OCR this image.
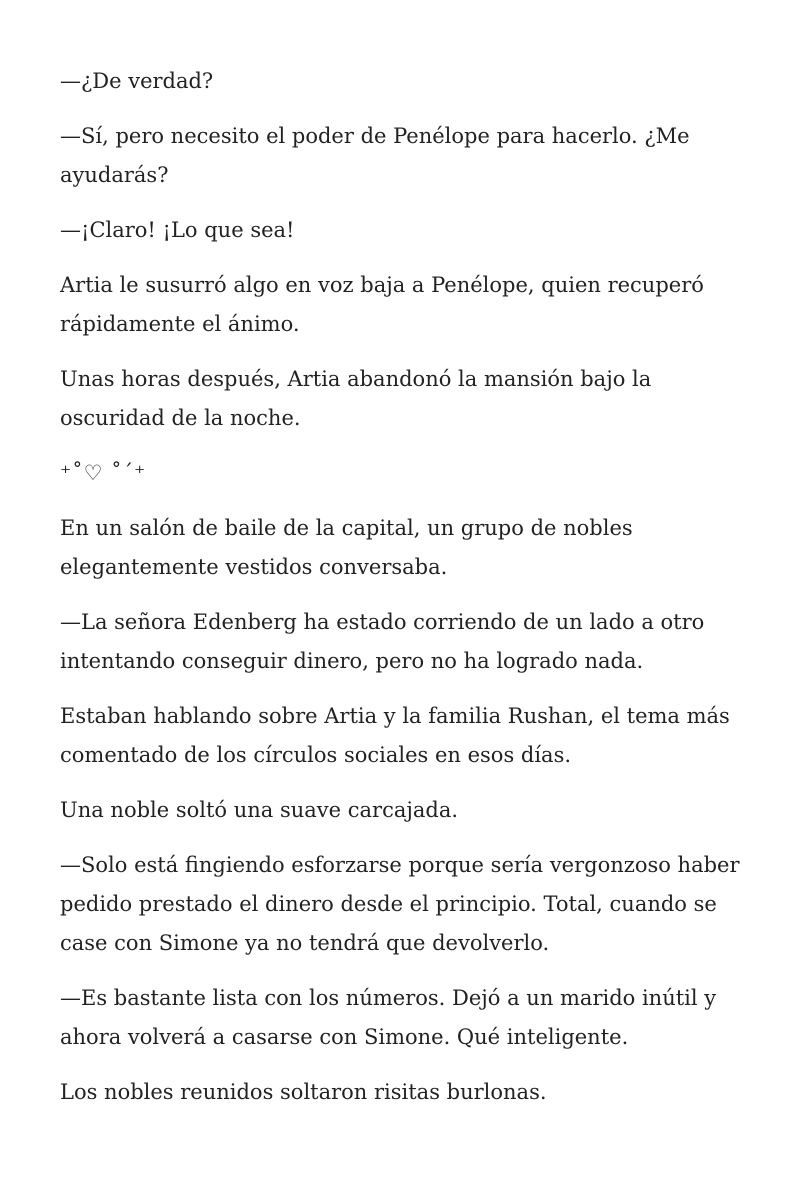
—¿De verdad?

—Sí, pero necesito el poder de Penélope para hacerlo. ¿Me ayudarás?

—¡Claro! ¡Lo que sea!

Artia le susurró algo en voz baja a Penélope, quien recuperó rápidamente el ánimo.

Unas horas después, Artia abandonó la mansión bajo la oscuridad de la noche.

⁺˚♡ ˚´⁺

En un salón de baile de la capital, un grupo de nobles elegantemente vestidos conversaba.

—La señora Edenberg ha estado corriendo de un lado a otro intentando conseguir dinero, pero no ha logrado nada.

Estaban hablando sobre Artia y la familia Rushan, el tema más comentado de los círculos sociales en esos días.

Una noble soltó una suave carcajada.

—Solo está fingiendo esforzarse porque sería vergonzoso haber pedido prestado el dinero desde el principio. Total, cuando se case con Simone ya no tendrá que devolverlo.

—Es bastante lista con los números. Dejó a un marido inútil y ahora volverá a casarse con Simone. Qué inteligente.

Los nobles reunidos soltaron risitas burlonas.
